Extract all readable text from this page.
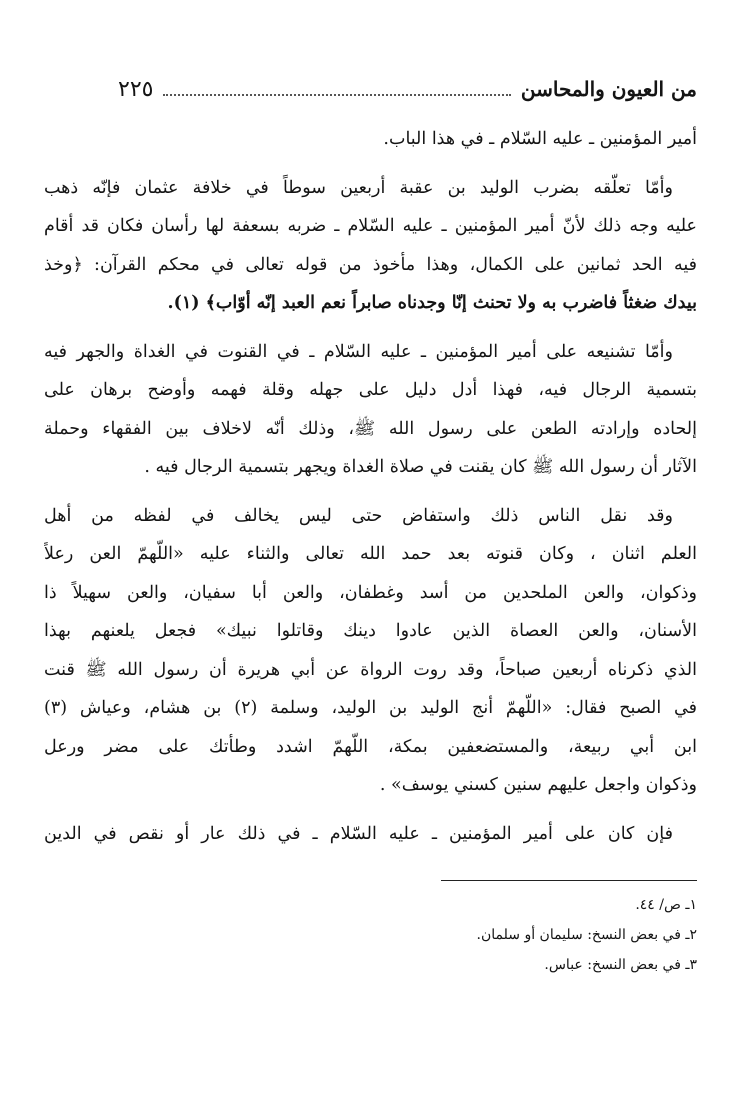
من العيون والمحاسن
٢٢٥
أمير المؤمنين ـ عليه السّلام ـ في هذا الباب.
وأمّا تعلّقه بضرب الوليد بن عقبة أربعين سوطاً في خلافة عثمان فإنّه ذهب
عليه وجه ذلك لأنّ أمير المؤمنين ـ عليه السّلام ـ ضربه بسعفة لها رأسان فكان قد أقام
فيه الحد ثمانين على الكمال، وهذا مأخوذ من قوله تعالى في محكم القرآن: ﴿وخذ
بيدك ضغثاً فاضرب به ولا تحنث إنّا وجدناه صابراً نعم العبد إنّه أوّاب﴾ (١).
وأمّا تشنيعه على أمير المؤمنين ـ عليه السّلام ـ في القنوت في الغداة والجهر فيه
بتسمية الرجال فيه، فهذا أدل دليل على جهله وقلة فهمه وأوضح برهان على
إلحاده وإرادته الطعن على رسول الله ﷺ، وذلك أنّه لاخلاف بين الفقهاء وحملة
الآثار أن رسول الله ﷺ كان يقنت في صلاة الغداة ويجهر بتسمية الرجال فيه .
وقد نقل الناس ذلك واستفاض حتى ليس يخالف في لفظه من أهل
العلم اثنان ، وكان قنوته بعد حمد الله تعالى والثناء عليه «اللّهمّ العن رعلاً
وذكوان، والعن الملحدين من أسد وغطفان، والعن أبا سفيان، والعن سهيلاً ذا
الأسنان، والعن العصاة الذين عادوا دينك وقاتلوا نبيك» فجعل يلعنهم بهذا
الذي ذكرناه أربعين صباحاً، وقد روت الرواة عن أبي هريرة أن رسول الله ﷺ قنت
في الصبح فقال: «اللّهمّ أنج الوليد بن الوليد، وسلمة (٢) بن هشام، وعياش (٣)
ابن أبي ربيعة، والمستضعفين بمكة، اللّهمّ اشدد وطأتك على مضر ورعل
وذكوان واجعل عليهم سنين كسني يوسف» .
فإن كان على أمير المؤمنين ـ عليه السّلام ـ في ذلك عار أو نقص في الدين
١ـ ص/ ٤٤.
٢ـ في بعض النسخ: سليمان أو سلمان.
٣ـ في بعض النسخ: عباس.
